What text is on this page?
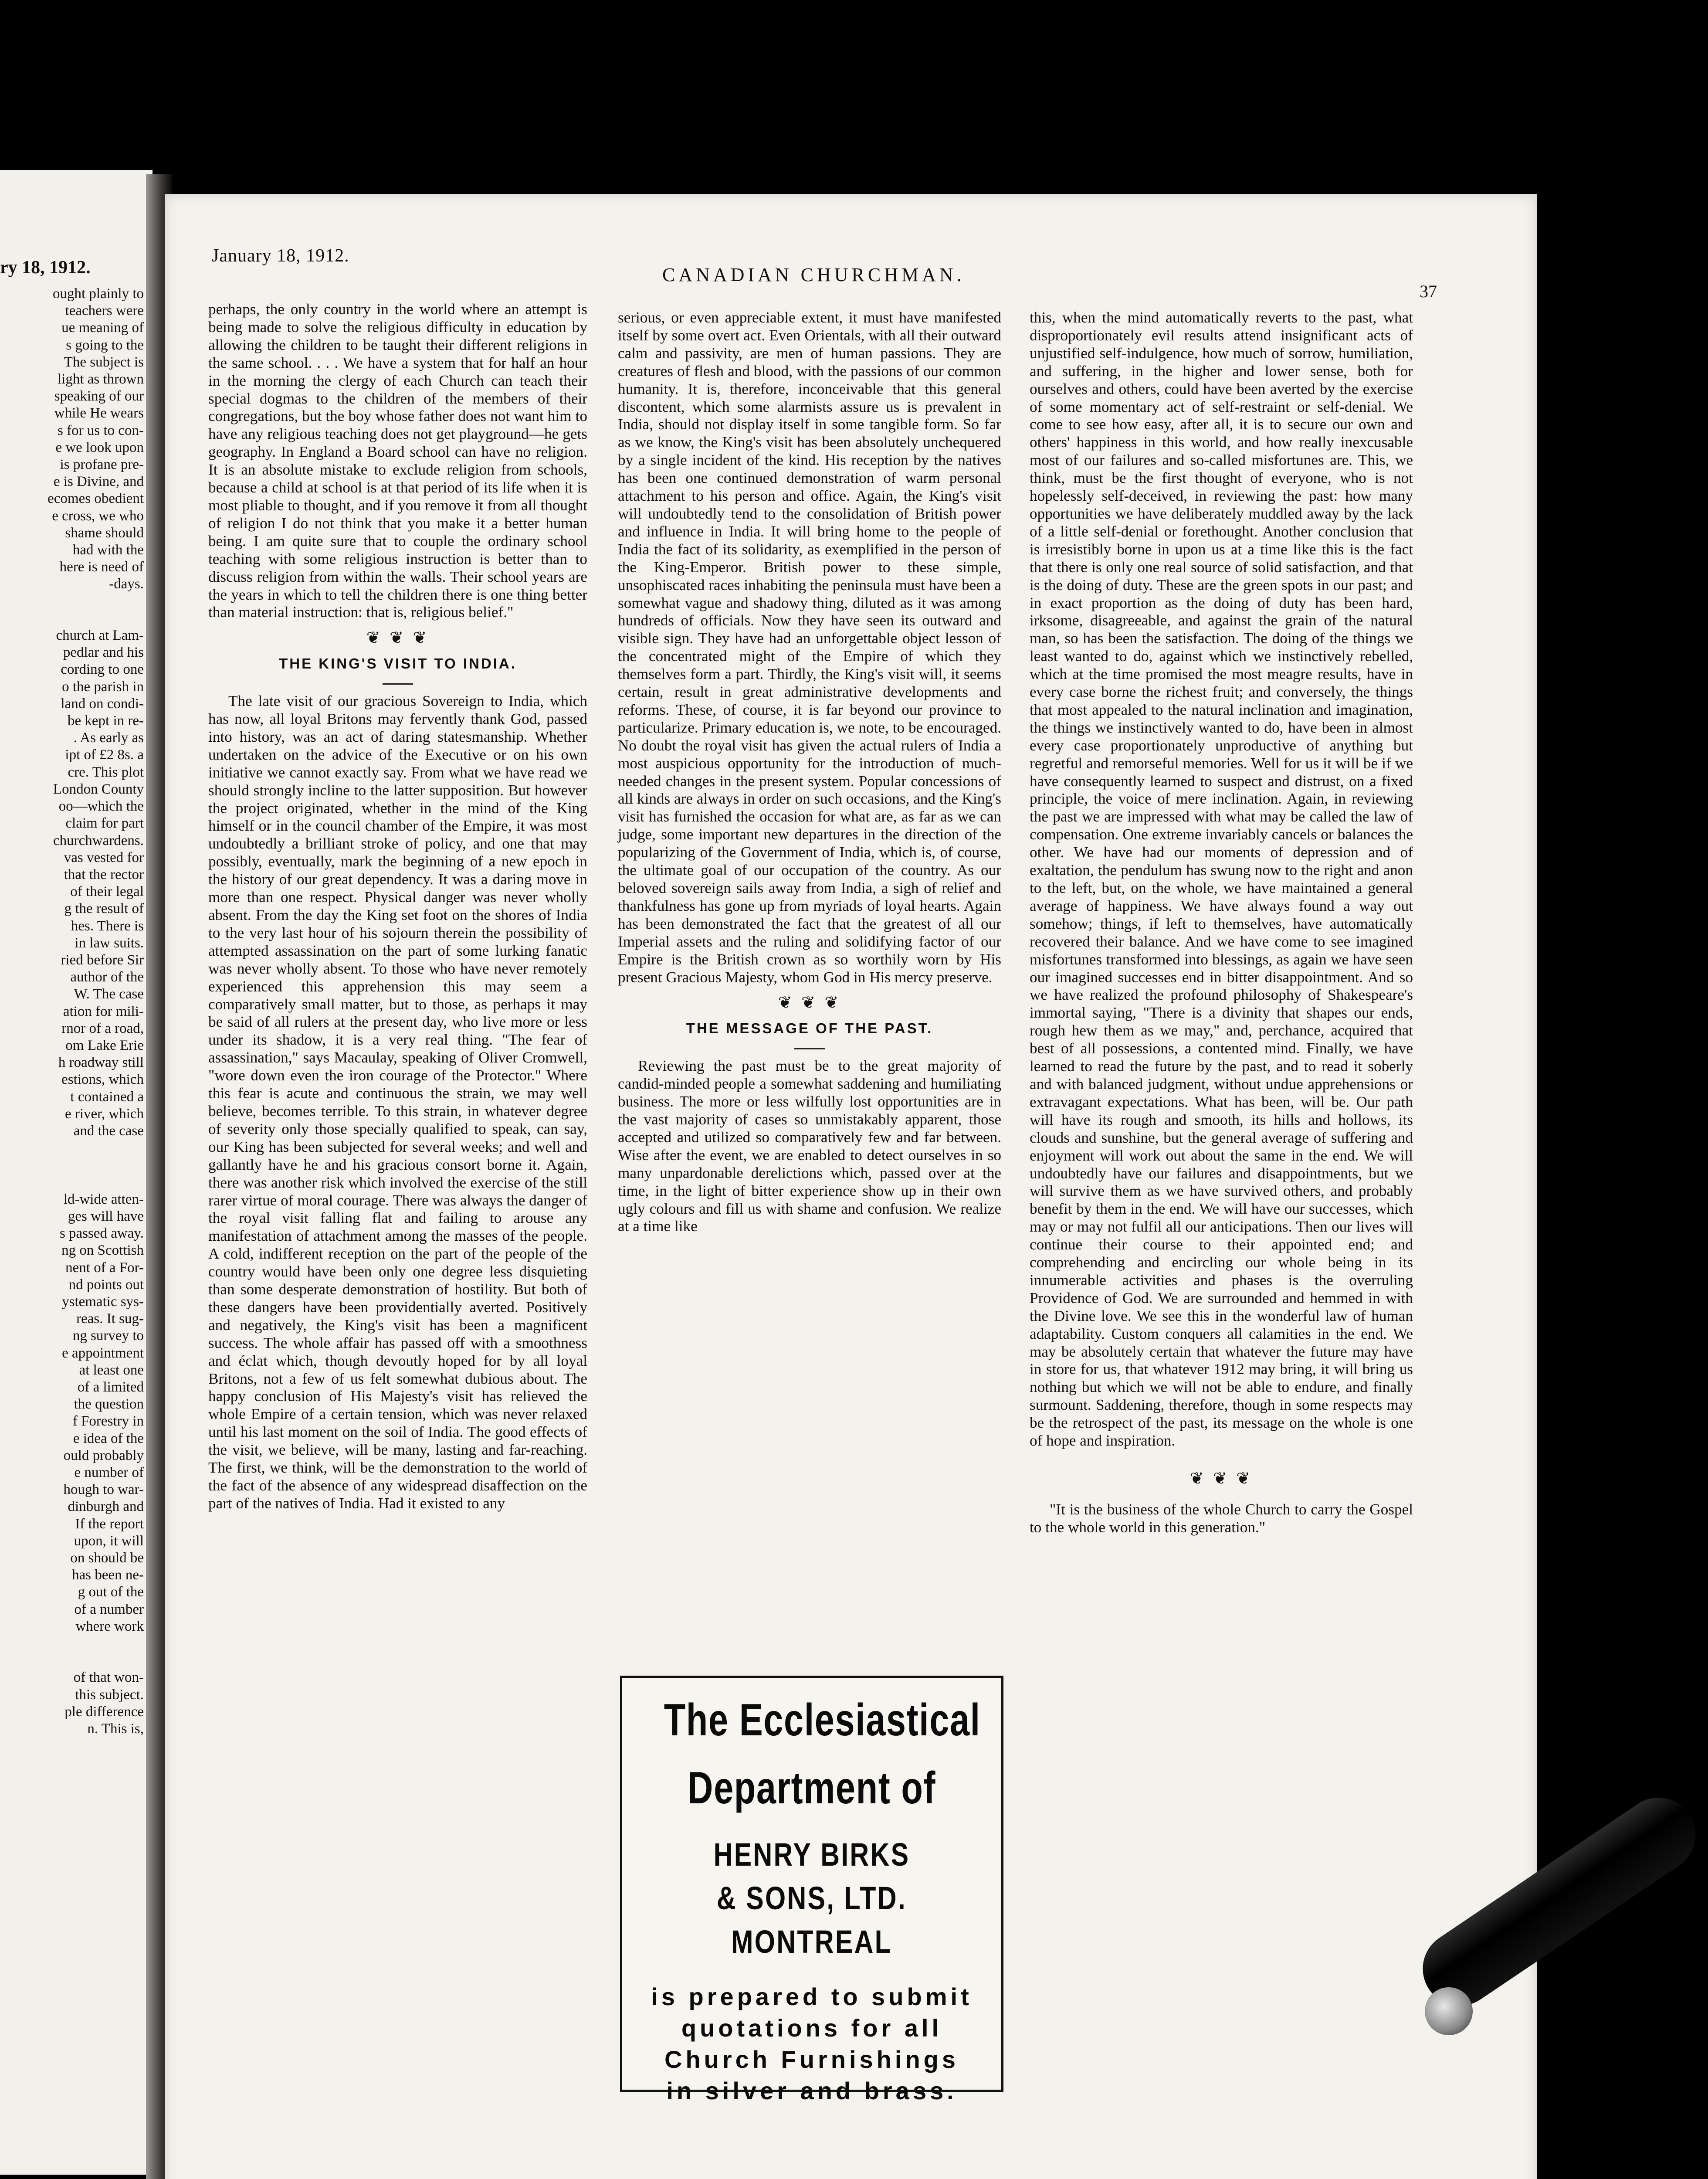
ry 18, 1912.
ought plainly to
teachers were
ue meaning of
s going to the
The subject is
light as thrown
speaking of our
while He wears
s for us to con-
e we look upon
is profane pre-
e is Divine, and
ecomes obedient
e cross, we who
shame should
had with the
here is need of
-days.

church at Lam-
pedlar and his
cording to one
o the parish in
land on condi-
be kept in re-
. As early as
ipt of £2 8s. a
cre. This plot
London County
oo—which the
claim for part
churchwardens.
vas vested for
that the rector
of their legal
g the result of
hes. There is
in law suits.
ried before Sir
author of the
W. The case
ation for mili-
rnor of a road,
om Lake Erie
h roadway still
estions, which
t contained a
e river, which
and the case

ld-wide atten-
ges will have
s passed away.
ng on Scottish
nent of a For-
nd points out
ystematic sys-
reas. It sug-
ng survey to
e appointment
at least one
of a limited
the question
f Forestry in
e idea of the
ould probably
e number of
hough to war-
dinburgh and
If the report
upon, it will
on should be
has been ne-
g out of the
of a number
where work

of that won-
this subject.
ple difference
n. This is,
January 18, 1912.
CANADIAN CHURCHMAN.
37

perhaps, the only country in the world where an attempt is being made to solve the religious difficulty in education by allowing the children to be taught their different religions in the same school. . . . We have a system that for half an hour in the morning the clergy of each Church can teach their special dogmas to the children of the members of their congregations, but the boy whose father does not want him to have any religious teaching does not get playground—he gets geography. In England a Board school can have no religion. It is an absolute mistake to exclude religion from schools, because a child at school is at that period of its life when it is most pliable to thought, and if you remove it from all thought of religion I do not think that you make it a better human being. I am quite sure that to couple the ordinary school teaching with some religious instruction is better than to discuss religion from within the walls. Their school years are the years in which to tell the children there is one thing better than material instruction: that is, religious belief."

❦ ❦ ❦
THE KING'S VISIT TO INDIA.

The late visit of our gracious Sovereign to India, which has now, all loyal Britons may fervently thank God, passed into history, was an act of daring statesmanship. Whether undertaken on the advice of the Executive or on his own initiative we cannot exactly say. From what we have read we should strongly incline to the latter supposition. But however the project originated, whether in the mind of the King himself or in the council chamber of the Empire, it was most undoubtedly a brilliant stroke of policy, and one that may possibly, eventually, mark the beginning of a new epoch in the history of our great dependency. It was a daring move in more than one respect. Physical danger was never wholly absent. From the day the King set foot on the shores of India to the very last hour of his sojourn therein the possibility of attempted assassination on the part of some lurking fanatic was never wholly absent. To those who have never remotely experienced this apprehension this may seem a comparatively small matter, but to those, as perhaps it may be said of all rulers at the present day, who live more or less under its shadow, it is a very real thing. "The fear of assassination," says Macaulay, speaking of Oliver Cromwell, "wore down even the iron courage of the Protector." Where this fear is acute and continuous the strain, we may well believe, becomes terrible. To this strain, in whatever degree of severity only those specially qualified to speak, can say, our King has been subjected for several weeks; and well and gallantly have he and his gracious consort borne it. Again, there was another risk which involved the exercise of the still rarer virtue of moral courage. There was always the danger of the royal visit falling flat and failing to arouse any manifestation of attachment among the masses of the people. A cold, indifferent reception on the part of the people of the country would have been only one degree less disquieting than some desperate demonstration of hostility. But both of these dangers have been providentially averted. Positively and negatively, the King's visit has been a magnificent success. The whole affair has passed off with a smoothness and éclat which, though devoutly hoped for by all loyal Britons, not a few of us felt somewhat dubious about. The happy conclusion of His Majesty's visit has relieved the whole Empire of a certain tension, which was never relaxed until his last moment on the soil of India. The good effects of the visit, we believe, will be many, lasting and far-reaching. The first, we think, will be the demonstration to the world of the fact of the absence of any widespread disaffection on the part of the natives of India. Had it existed to any

serious, or even appreciable extent, it must have manifested itself by some overt act. Even Orientals, with all their outward calm and passivity, are men of human passions. They are creatures of flesh and blood, with the passions of our common humanity. It is, therefore, inconceivable that this general discontent, which some alarmists assure us is prevalent in India, should not display itself in some tangible form. So far as we know, the King's visit has been absolutely unchequered by a single incident of the kind. His reception by the natives has been one continued demonstration of warm personal attachment to his person and office. Again, the King's visit will undoubtedly tend to the consolidation of British power and influence in India. It will bring home to the people of India the fact of its solidarity, as exemplified in the person of the King-Emperor. British power to these simple, unsophiscated races inhabiting the peninsula must have been a somewhat vague and shadowy thing, diluted as it was among hundreds of officials. Now they have seen its outward and visible sign. They have had an unforgettable object lesson of the concentrated might of the Empire of which they themselves form a part. Thirdly, the King's visit will, it seems certain, result in great administrative developments and reforms. These, of course, it is far beyond our province to particularize. Primary education is, we note, to be encouraged. No doubt the royal visit has given the actual rulers of India a most auspicious opportunity for the introduction of much-needed changes in the present system. Popular concessions of all kinds are always in order on such occasions, and the King's visit has furnished the occasion for what are, as far as we can judge, some important new departures in the direction of the popularizing of the Government of India, which is, of course, the ultimate goal of our occupation of the country. As our beloved sovereign sails away from India, a sigh of relief and thankfulness has gone up from myriads of loyal hearts. Again has been demonstrated the fact that the greatest of all our Imperial assets and the ruling and solidifying factor of our Empire is the British crown as so worthily worn by His present Gracious Majesty, whom God in His mercy preserve.

❦ ❦ ❦
THE MESSAGE OF THE PAST.

Reviewing the past must be to the great majority of candid-minded people a somewhat saddening and humiliating business. The more or less wilfully lost opportunities are in the vast majority of cases so unmistakably apparent, those accepted and utilized so comparatively few and far between. Wise after the event, we are enabled to detect ourselves in so many unpardonable derelictions which, passed over at the time, in the light of bitter experience show up in their own ugly colours and fill us with shame and confusion. We realize at a time like

The Ecclesiastical
Department of
HENRY BIRKS
& SONS, LTD.
MONTREAL
is prepared to submit
quotations for all
Church Furnishings
in silver and brass.

this, when the mind automatically reverts to the past, what disproportionately evil results attend insignificant acts of unjustified self-indulgence, how much of sorrow, humiliation, and suffering, in the higher and lower sense, both for ourselves and others, could have been averted by the exercise of some momentary act of self-restraint or self-denial. We come to see how easy, after all, it is to secure our own and others' happiness in this world, and how really inexcusable most of our failures and so-called misfortunes are. This, we think, must be the first thought of everyone, who is not hopelessly self-deceived, in reviewing the past: how many opportunities we have deliberately muddled away by the lack of a little self-denial or forethought. Another conclusion that is irresistibly borne in upon us at a time like this is the fact that there is only one real source of solid satisfaction, and that is the doing of duty. These are the green spots in our past; and in exact proportion as the doing of duty has been hard, irksome, disagreeable, and against the grain of the natural man, so has been the satisfaction. The doing of the things we least wanted to do, against which we instinctively rebelled, which at the time promised the most meagre results, have in every case borne the richest fruit; and conversely, the things that most appealed to the natural inclination and imagination, the things we instinctively wanted to do, have been in almost every case proportionately unproductive of anything but regretful and remorseful memories. Well for us it will be if we have consequently learned to suspect and distrust, on a fixed principle, the voice of mere inclination. Again, in reviewing the past we are impressed with what may be called the law of compensation. One extreme invariably cancels or balances the other. We have had our moments of depression and of exaltation, the pendulum has swung now to the right and anon to the left, but, on the whole, we have maintained a general average of happiness. We have always found a way out somehow; things, if left to themselves, have automatically recovered their balance. And we have come to see imagined misfortunes transformed into blessings, as again we have seen our imagined successes end in bitter disappointment. And so we have realized the profound philosophy of Shakespeare's immortal saying, "There is a divinity that shapes our ends, rough hew them as we may," and, perchance, acquired that best of all possessions, a contented mind. Finally, we have learned to read the future by the past, and to read it soberly and with balanced judgment, without undue apprehensions or extravagant expectations. What has been, will be. Our path will have its rough and smooth, its hills and hollows, its clouds and sunshine, but the general average of suffering and enjoyment will work out about the same in the end. We will undoubtedly have our failures and disappointments, but we will survive them as we have survived others, and probably benefit by them in the end. We will have our successes, which may or may not fulfil all our anticipations. Then our lives will continue their course to their appointed end; and comprehending and encircling our whole being in its innumerable activities and phases is the overruling Providence of God. We are surrounded and hemmed in with the Divine love. We see this in the wonderful law of human adaptability. Custom conquers all calamities in the end. We may be absolutely certain that whatever the future may have in store for us, that whatever 1912 may bring, it will bring us nothing but which we will not be able to endure, and finally surmount. Saddening, therefore, though in some respects may be the retrospect of the past, its message on the whole is one of hope and inspiration.

❦ ❦ ❦

"It is the business of the whole Church to carry the Gospel to the whole world in this generation."
